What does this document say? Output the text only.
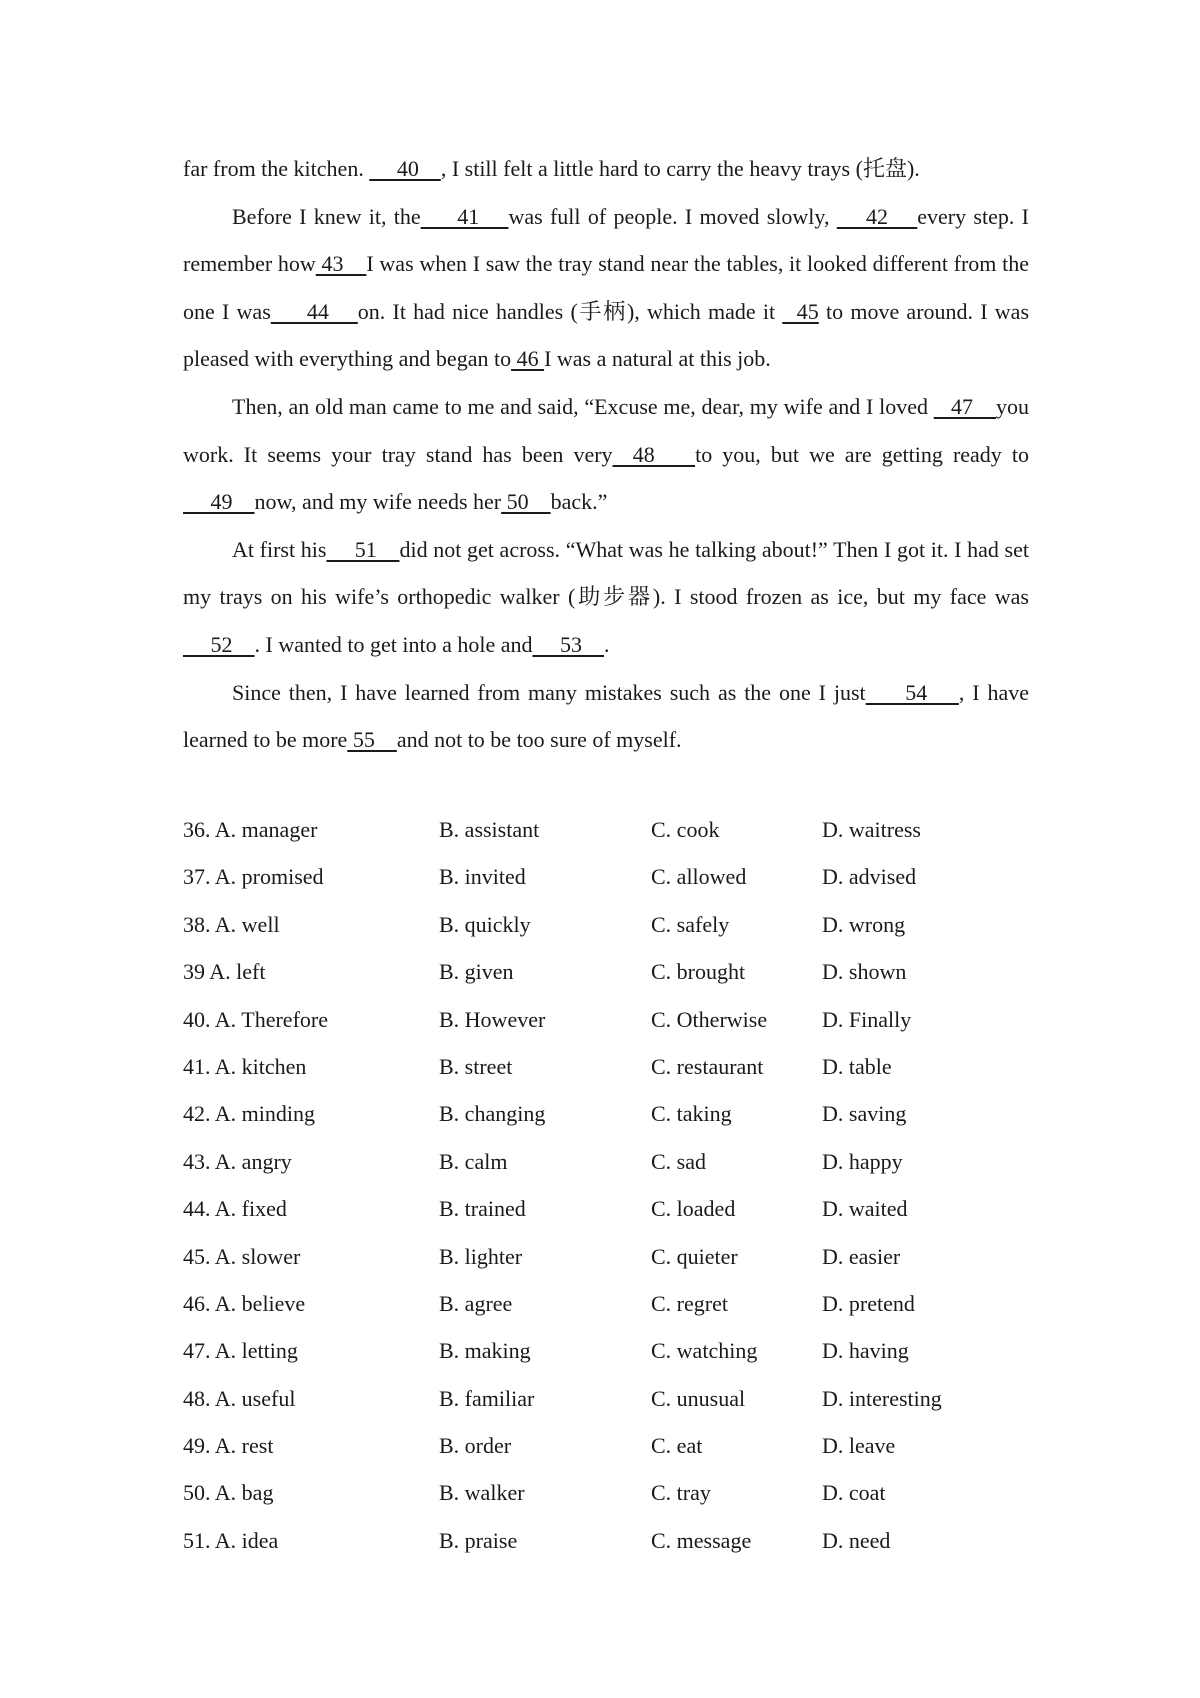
far from the kitchen.      40    , I still felt a little hard to carry the heavy trays (托盘).

Before I knew it, the     41    was full of people. I moved slowly,     42    every step. I remember how 43    I was when I saw the tray stand near the tables, it looked different from the one I was     44    on. It had nice handles (手柄), which made it   45 to move around. I was pleased with everything and began to 46 I was a natural at this job.

Then, an old man came to me and said, “Excuse me, dear, my wife and I loved    47    you work. It seems your tray stand has been very  48    to you, but we are getting ready to     49    now, and my wife needs her 50    back.”

At first his     51    did not get across. “What was he talking about!” Then I got it. I had set my trays on his wife’s orthopedic walker (助步器). I stood frozen as ice, but my face was     52    . I wanted to get into a hole and     53    .

Since then, I have learned from many mistakes such as the one I just     54    , I have learned to be more 55    and not to be too sure of myself.

36. A. manager	B. assistant	C. cook	D. waitress
37. A. promised	B. invited	C. allowed	D. advised
38. A. well	B. quickly	C. safely	D. wrong
39 A. left	B. given	C. brought	D. shown
40. A. Therefore	B. However	C. Otherwise D. Finally
41. A. kitchen	B. street	C. restaurant	D. table
42. A. minding	B. changing	C. taking	D. saving
43. A. angry	B. calm	C. sad	D. happy
44. A. fixed	B. trained	C. loaded	D. waited
45. A. slower	B. lighter	C. quieter	D. easier
46. A. believe	B. agree	C. regret	D. pretend
47. A. letting	B. making	C. watching	D. having
48. A. useful	B. familiar	C. unusual	D. interesting
49. A. rest	B. order	C. eat	D. leave
50. A. bag	B. walker	C. tray	D. coat
51. A. idea	B. praise	C. message	D. need
